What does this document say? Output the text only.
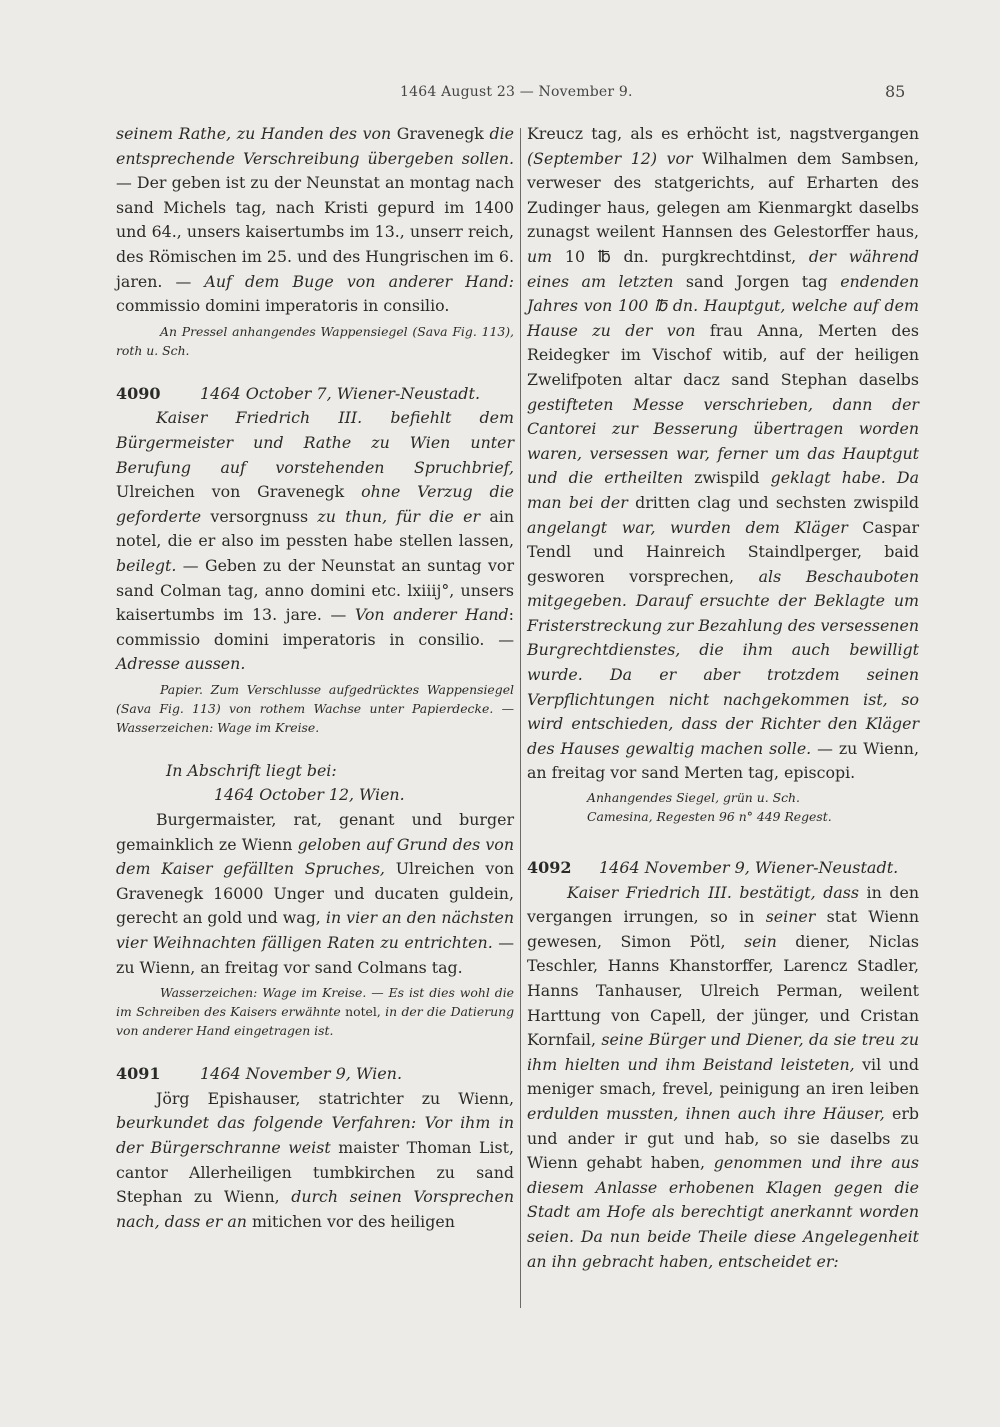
1464 August 23 — November 9.	85

seinem Rathe, zu Handen des von Gravenegk die entsprechende Verschreibung übergeben sollen. — Der geben ist zu der Neunstat an montag nach sand Michels tag, nach Kristi gepurd im 1400 und 64., unsers kaisertumbs im 13., unserr reich, des Römischen im 25. und des Hungrischen im 6. jaren. — Auf dem Buge von anderer Hand: commissio domini imperatoris in consilio.

An Pressel anhangendes Wappensiegel (Sava Fig. 113), roth u. Sch.

4090 1464 October 7, Wiener-Neustadt.

Kaiser Friedrich III. befiehlt dem Bürgermeister und Rathe zu Wien unter Berufung auf vorstehenden Spruchbrief, Ulreichen von Gravenegk ohne Verzug die geforderte versorgnuss zu thun, für die er ain notel, die er also im pessten habe stellen lassen, beilegt. — Geben zu der Neunstat an suntag vor sand Colman tag, anno domini etc. lxiiij°, unsers kaisertumbs im 13. jare. — Von anderer Hand: commissio domini imperatoris in consilio. — Adresse aussen.

Papier. Zum Verschlusse aufgedrücktes Wappensiegel (Sava Fig. 113) von rothem Wachse unter Papierdecke. — Wasserzeichen: Wage im Kreise.

In Abschrift liegt bei:
1464 October 12, Wien.

Burgermaister, rat, genant und burger gemainklich ze Wienn geloben auf Grund des von dem Kaiser gefällten Spruches, Ulreichen von Gravenegk 16000 Unger und ducaten guldein, gerecht an gold und wag, in vier an den nächsten vier Weihnachten fälligen Raten zu entrichten. — zu Wienn, an freitag vor sand Colmans tag.

Wasserzeichen: Wage im Kreise. — Es ist dies wohl die im Schreiben des Kaisers erwähnte notel, in der die Datierung von anderer Hand eingetragen ist.

4091 1464 November 9, Wien.

Jörg Epishauser, statrichter zu Wienn, beurkundet das folgende Verfahren: Vor ihm in der Bürgerschranne weist maister Thoman List, cantor Allerheiligen tumbkirchen zu sand Stephan zu Wienn, durch seinen Vorsprechen nach, dass er an mitichen vor des heiligen

Kreucz tag, als es erhöcht ist, nagstvergangen (September 12) vor Wilhalmen dem Sambsen, verweser des statgerichts, auf Erharten des Zudinger haus, gelegen am Kienmargkt daselbs zunagst weilent Hannsen des Gelestorffer haus, um 10 ℔ dn. purgkrechtdinst, der während eines am letzten sand Jorgen tag endenden Jahres von 100 ℔ dn. Hauptgut, welche auf dem Hause zu der von frau Anna, Merten des Reidegker im Vischof witib, auf der heiligen Zwelifpoten altar dacz sand Stephan daselbs gestifteten Messe verschrieben, dann der Cantorei zur Besserung übertragen worden waren, versessen war, ferner um das Hauptgut und die ertheilten zwispild geklagt habe. Da man bei der dritten clag und sechsten zwispild angelangt war, wurden dem Kläger Caspar Tendl und Hainreich Staindlperger, baid gesworen vorsprechen, als Beschauboten mitgegeben. Darauf ersuchte der Beklagte um Fristerstreckung zur Bezahlung des versessenen Burgrechtdienstes, die ihm auch bewilligt wurde. Da er aber trotzdem seinen Verpflichtungen nicht nachgekommen ist, so wird entschieden, dass der Richter den Kläger des Hauses gewaltig machen solle. — zu Wienn, an freitag vor sand Merten tag, episcopi.

Anhangendes Siegel, grün u. Sch.

Camesina, Regesten 96 n° 449 Regest.

4092 1464 November 9, Wiener-Neustadt.

Kaiser Friedrich III. bestätigt, dass in den vergangen irrungen, so in seiner stat Wienn gewesen, Simon Pötl, sein diener, Niclas Teschler, Hanns Khanstorffer, Larencz Stadler, Hanns Tanhauser, Ulreich Perman, weilent Harttung von Capell, der jünger, und Cristan Kornfail, seine Bürger und Diener, da sie treu zu ihm hielten und ihm Beistand leisteten, vil und meniger smach, frevel, peinigung an iren leiben erdulden mussten, ihnen auch ihre Häuser, erb und ander ir gut und hab, so sie daselbs zu Wienn gehabt haben, genommen und ihre aus diesem Anlasse erhobenen Klagen gegen die Stadt am Hofe als berechtigt anerkannt worden seien. Da nun beide Theile diese Angelegenheit an ihn gebracht haben, entscheidet er:
